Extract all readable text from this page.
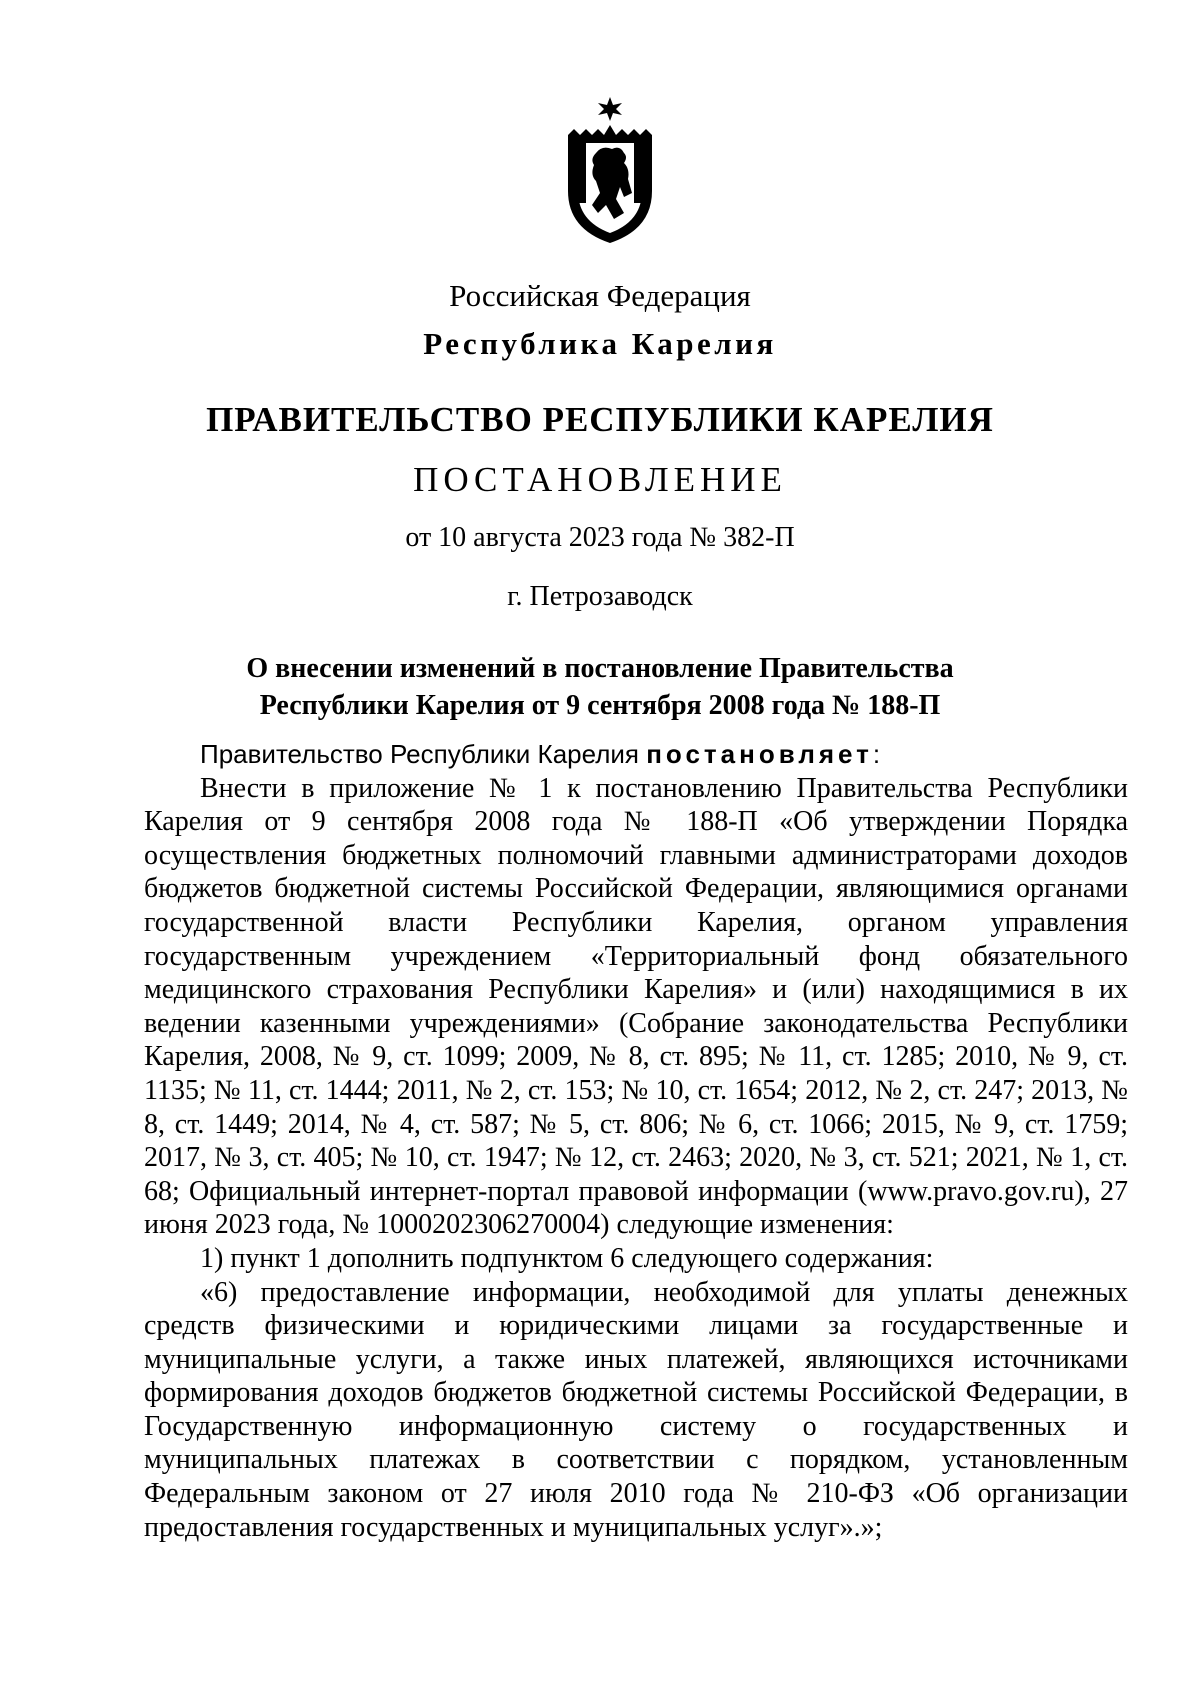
Российская Федерация
Республика Карелия
ПРАВИТЕЛЬСТВО РЕСПУБЛИКИ КАРЕЛИЯ
ПОСТАНОВЛЕНИЕ
от 10 августа 2023 года № 382-П
г. Петрозаводск
О внесении изменений в постановление Правительства
Республики Карелия от 9 сентября 2008 года № 188-П

Правительство Республики Карелия постановляет:

Внести в приложение № 1 к постановлению Правительства Республики Карелия от 9 сентября 2008 года № 188-П «Об утверждении Порядка осуществления бюджетных полномочий главными администраторами доходов бюджетов бюджетной системы Российской Федерации, являющимися органами государственной власти Республики Карелия, органом управления государственным учреждением «Территориальный фонд обязательного медицинского страхования Республики Карелия» и (или) находящимися в их ведении казенными учреждениями» (Собрание законодательства Республики Карелия, 2008, № 9, ст. 1099; 2009, № 8, ст. 895; № 11, ст. 1285; 2010, № 9, ст. 1135; № 11, ст. 1444; 2011, № 2, ст. 153; № 10, ст. 1654; 2012, № 2, ст. 247; 2013, № 8, ст. 1449; 2014, № 4, ст. 587; № 5, ст. 806; № 6, ст. 1066; 2015, № 9, ст. 1759; 2017, № 3, ст. 405; № 10, ст. 1947; № 12, ст. 2463; 2020, № 3, ст. 521; 2021, № 1, ст. 68; Официальный интернет-портал правовой информации (www.pravo.gov.ru), 27 июня 2023 года, № 1000202306270004) следующие изменения:

1) пункт 1 дополнить подпунктом 6 следующего содержания:

«6) предоставление информации, необходимой для уплаты денежных средств физическими и юридическими лицами за государственные и муниципальные услуги, а также иных платежей, являющихся источниками формирования доходов бюджетов бюджетной системы Российской Федерации, в Государственную информационную систему о государственных и муниципальных платежах в соответствии с порядком, установленным Федеральным законом от 27 июля 2010 года № 210-ФЗ «Об организации предоставления государственных и муниципальных услуг».»;
